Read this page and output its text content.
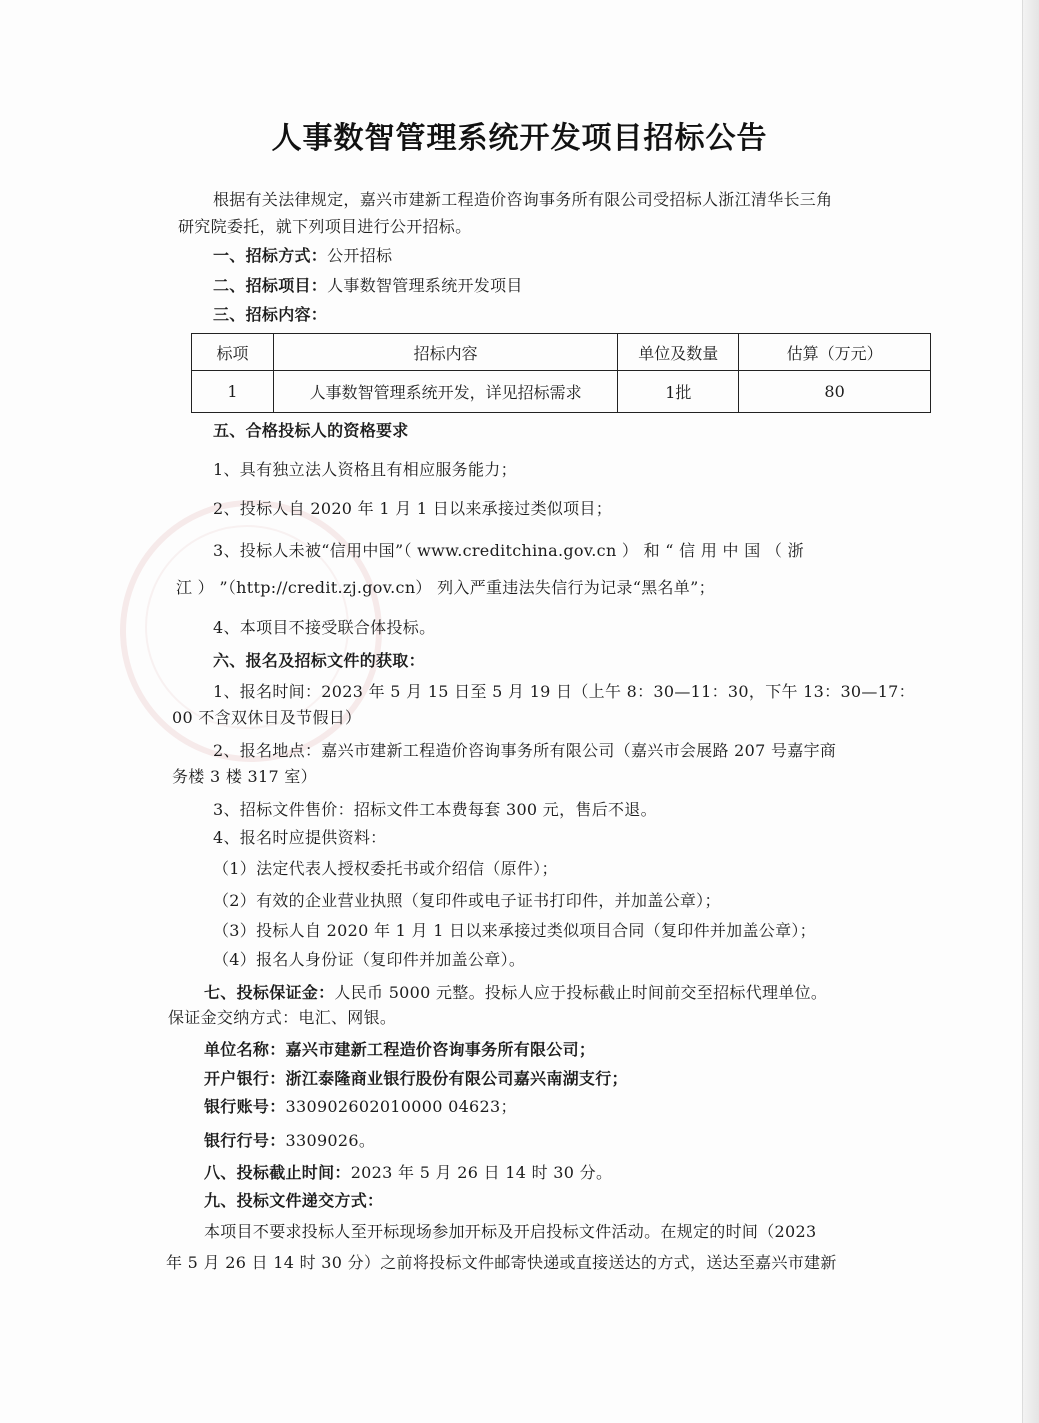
人事数智管理系统开发项目招标公告
根据有关法律规定，嘉兴市建新工程造价咨询事务所有限公司受招标人浙江清华长三角
研究院委托，就下列项目进行公开招标。
一、招标方式：公开招标
二、招标项目：人事数智管理系统开发项目
三、招标内容：
标项	招标内容	单位及数量	估算（万元）
1	人事数智管理系统开发，详见招标需求	1批	80
五、合格投标人的资格要求
1、具有独立法人资格且有相应服务能力；
2、投标人自 2020 年 1 月 1 日以来承接过类似项目；
3、投标人未被“信用中国”（ www.creditchina.gov.cn ） 和 “ 信 用 中 国 （ 浙
江 ） ”（http://credit.zj.gov.cn） 列入严重违法失信行为记录“黑名单”；
4、本项目不接受联合体投标。
六、报名及招标文件的获取：
1、报名时间：2023 年 5 月 15 日至 5 月 19 日（上午 8：30—11：30，下午 13：30—17：
00 不含双休日及节假日）
2、报名地点：嘉兴市建新工程造价咨询事务所有限公司（嘉兴市会展路 207 号嘉宇商
务楼 3 楼 317 室）
3、招标文件售价：招标文件工本费每套 300 元，售后不退。
4、报名时应提供资料：
（1）法定代表人授权委托书或介绍信（原件）；
（2）有效的企业营业执照（复印件或电子证书打印件，并加盖公章）；
（3）投标人自 2020 年 1 月 1 日以来承接过类似项目合同（复印件并加盖公章）；
（4）报名人身份证（复印件并加盖公章）。
七、投标保证金：人民币 5000 元整。投标人应于投标截止时间前交至招标代理单位。
保证金交纳方式：电汇、网银。
单位名称：嘉兴市建新工程造价咨询事务所有限公司；
开户银行：浙江泰隆商业银行股份有限公司嘉兴南湖支行；
银行账号：330902602010000 04623；
银行行号：3309026。
八、投标截止时间：2023 年 5 月 26 日 14 时 30 分。
九、投标文件递交方式：
本项目不要求投标人至开标现场参加开标及开启投标文件活动。在规定的时间（2023
年 5 月 26 日 14 时 30 分）之前将投标文件邮寄快递或直接送达的方式，送达至嘉兴市建新
